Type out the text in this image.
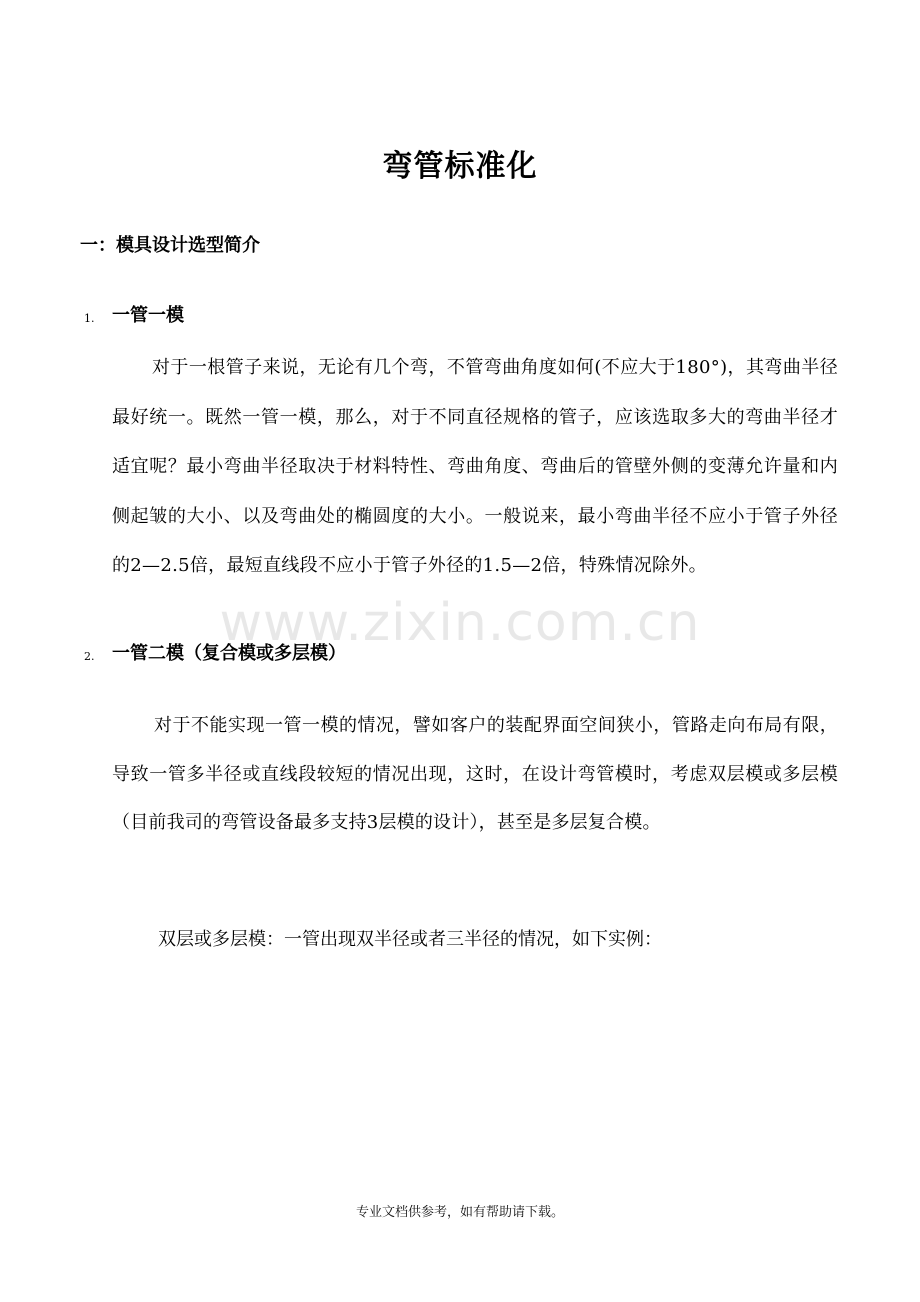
弯管标准化
一：模具设计选型简介
1. 一管一模

对于一根管子来说，无论有几个弯，不管弯曲角度如何(不应大于180°)，其弯曲半径最好统一。既然一管一模，那么，对于不同直径规格的管子，应该选取多大的弯曲半径才适宜呢？最小弯曲半径取决于材料特性、弯曲角度、弯曲后的管壁外侧的变薄允许量和内侧起皱的大小、以及弯曲处的椭圆度的大小。一般说来，最小弯曲半径不应小于管子外径的2—2.5倍，最短直线段不应小于管子外径的1.5—2倍，特殊情况除外。

2. 一管二模（复合模或多层模）

对于不能实现一管一模的情况，譬如客户的装配界面空间狭小，管路走向布局有限，导致一管多半径或直线段较短的情况出现，这时，在设计弯管模时，考虑双层模或多层模（目前我司的弯管设备最多支持3层模的设计），甚至是多层复合模。

双层或多层模：一管出现双半径或者三半径的情况，如下实例：

www.zixin.com.cn
专业文档供参考，如有帮助请下载。
